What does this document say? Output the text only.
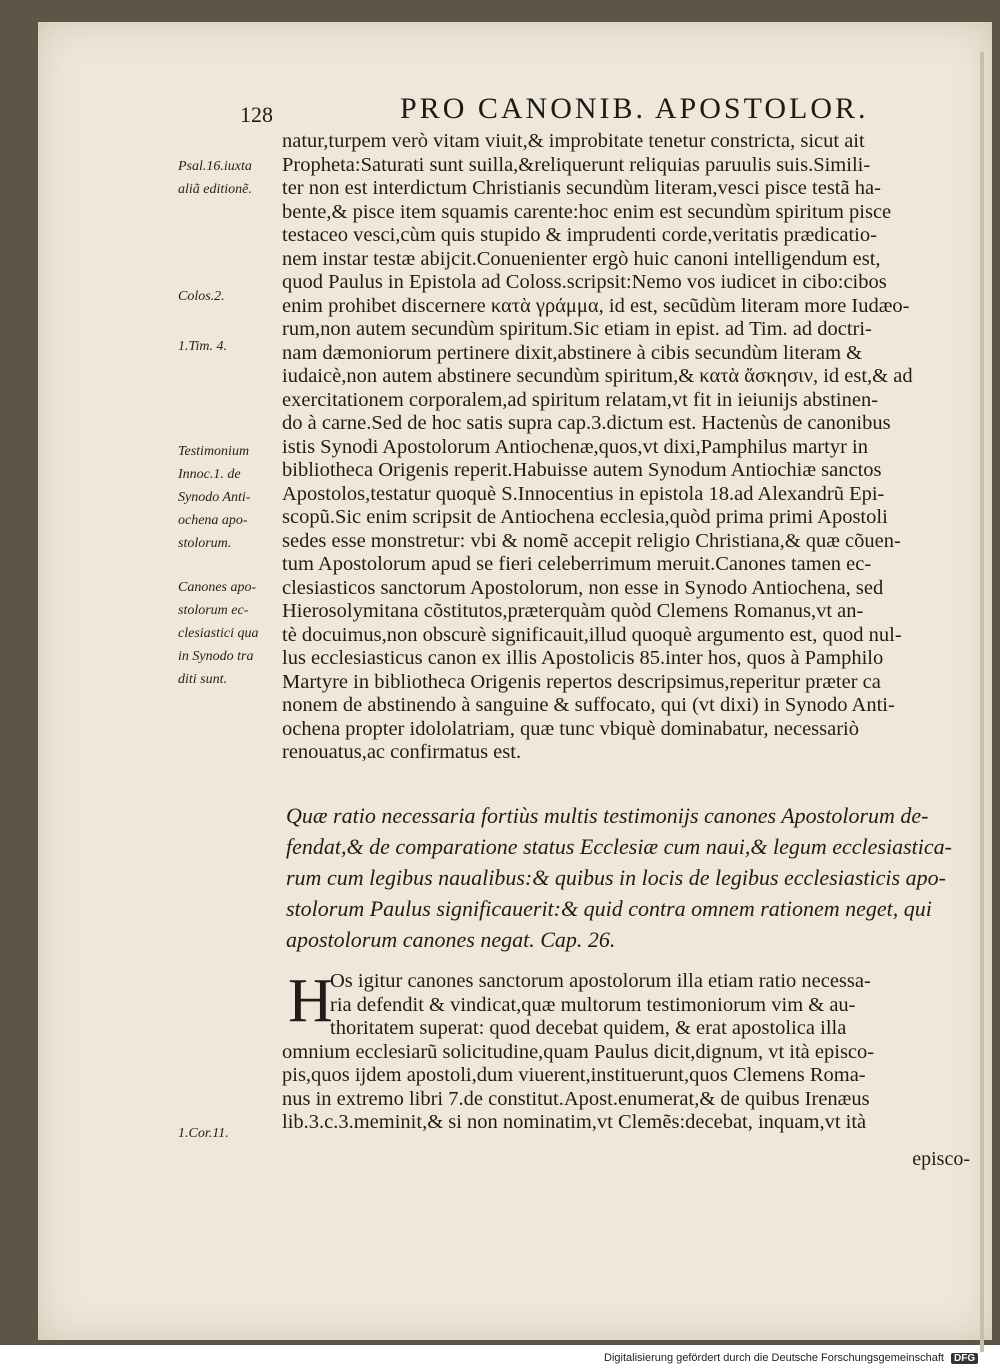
128	PRO CANONIB. APOSTOLOR.
natur,turpem verò vitam viuit,& improbitate tenetur constricta, sicut ait
Propheta:Saturati sunt suilla,&reliquerunt reliquias paruulis suis.Simili-
ter non est interdictum Christianis secundùm literam,vesci pisce testã ha-
bente,& pisce item squamis carente:hoc enim est secundùm spiritum pisce
testaceo vesci,cùm quis stupido & imprudenti corde,veritatis prædicatio-
nem instar testæ abijcit.Conuenienter ergò huic canoni intelligendum est,
quod Paulus in Epistola ad Coloss.scripsit:Nemo vos iudicet in cibo:cibos
enim prohibet discernere κατὰ γράμμα, id est, secũdùm literam more Iudæo-
rum,non autem secundùm spiritum.Sic etiam in epist. ad Tim. ad doctri-
nam dæmoniorum pertinere dixit,abstinere à cibis secundùm literam &
iudaicè,non autem abstinere secundùm spiritum,& κατὰ ἄσκησιν, id est,& ad
exercitationem corporalem,ad spiritum relatam,vt fit in ieiunijs abstinen-
do à carne.Sed de hoc satis supra cap.3.dictum est. Hactenùs de canonibus
istis Synodi Apostolorum Antiochenæ,quos,vt dixi,Pamphilus martyr in
bibliotheca Origenis reperit.Habuisse autem Synodum Antiochiæ sanctos
Apostolos,testatur quoquè S.Innocentius in epistola 18.ad Alexandrũ Epi-
scopũ.Sic enim scripsit de Antiochena ecclesia,quòd prima primi Apostoli
sedes esse monstretur: vbi & nomẽ accepit religio Christiana,& quæ cõuen-
tum Apostolorum apud se fieri celeberrimum meruit.Canones tamen ec-
clesiasticos sanctorum Apostolorum, non esse in Synodo Antiochena, sed
Hierosolymitana cõstitutos,præterquàm quòd Clemens Romanus,vt an-
tè docuimus,non obscurè significauit,illud quoquè argumento est, quod nul-
lus ecclesiasticus canon ex illis Apostolicis 85.inter hos, quos à Pamphilo
Martyre in bibliotheca Origenis repertos descripsimus,reperitur præter ca
nonem de abstinendo à sanguine & suffocato, qui (vt dixi) in Synodo Anti-
ochena propter idololatriam, quæ tunc vbiquè dominabatur, necessariò
renouatus,ac confirmatus est.
Psal.16.iuxta
aliã editionẽ.
Colos.2.
1.Tim. 4.
Testimonium
Innoc.1. de
Synodo Anti-
ochena apo-
stolorum.
Canones apo-
stolorum ec-
clesiastici qua
in Synodo tra
diti sunt.
1.Cor.11.
Quæ ratio necessaria fortiùs multis testimonijs canones Apostolorum de-
fendat,& de comparatione status Ecclesiæ cum naui,& legum ecclesiastica-
rum cum legibus naualibus:& quibus in locis de legibus ecclesiasticis apo-
stolorum Paulus significauerit:& quid contra omnem rationem neget, qui
apostolorum canones negat. Cap. 26.
H
Os igitur canones sanctorum apostolorum illa etiam ratio necessa-
ria defendit & vindicat,quæ multorum testimoniorum vim & au-
thoritatem superat: quod decebat quidem, & erat apostolica illa
omnium ecclesiarũ solicitudine,quam Paulus dicit,dignum, vt ità episco-
pis,quos ijdem apostoli,dum viuerent,instituerunt,quos Clemens Roma-
nus in extremo libri 7.de constitut.Apost.enumerat,& de quibus Irenæus
lib.3.c.3.meminit,& si non nominatim,vt Clemẽs:decebat, inquam,vt ità
episco-
Digitalisierung gefördert durch die Deutsche Forschungsgemeinschaft DFG
